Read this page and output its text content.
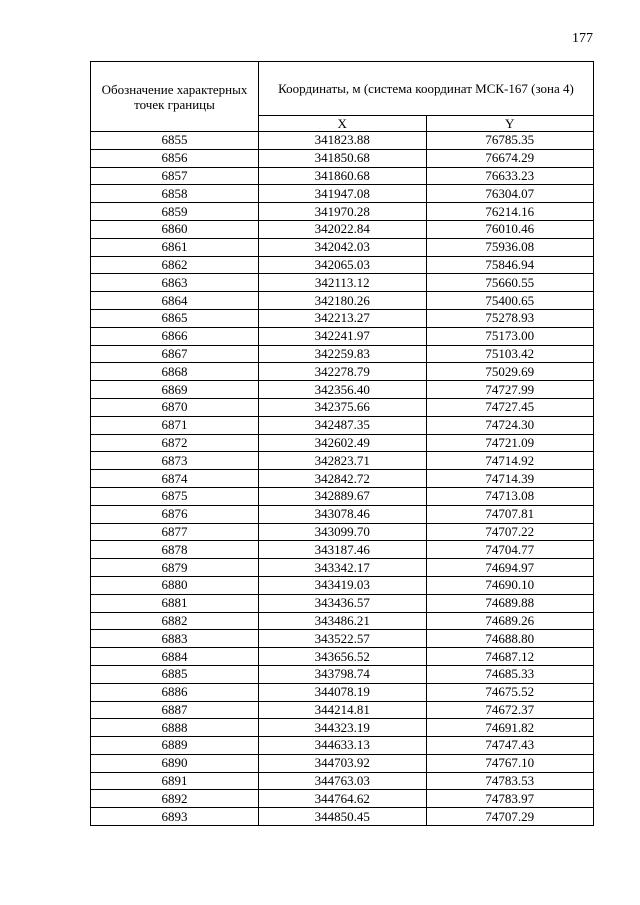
177
Обозначение характерных точек границы	Координаты, м (система координат МСК-167 (зона 4)	
	X	Y
6855	341823.88	76785.35
6856	341850.68	76674.29
6857	341860.68	76633.23
6858	341947.08	76304.07
6859	341970.28	76214.16
6860	342022.84	76010.46
6861	342042.03	75936.08
6862	342065.03	75846.94
6863	342113.12	75660.55
6864	342180.26	75400.65
6865	342213.27	75278.93
6866	342241.97	75173.00
6867	342259.83	75103.42
6868	342278.79	75029.69
6869	342356.40	74727.99
6870	342375.66	74727.45
6871	342487.35	74724.30
6872	342602.49	74721.09
6873	342823.71	74714.92
6874	342842.72	74714.39
6875	342889.67	74713.08
6876	343078.46	74707.81
6877	343099.70	74707.22
6878	343187.46	74704.77
6879	343342.17	74694.97
6880	343419.03	74690.10
6881	343436.57	74689.88
6882	343486.21	74689.26
6883	343522.57	74688.80
6884	343656.52	74687.12
6885	343798.74	74685.33
6886	344078.19	74675.52
6887	344214.81	74672.37
6888	344323.19	74691.82
6889	344633.13	74747.43
6890	344703.92	74767.10
6891	344763.03	74783.53
6892	344764.62	74783.97
6893	344850.45	74707.29
